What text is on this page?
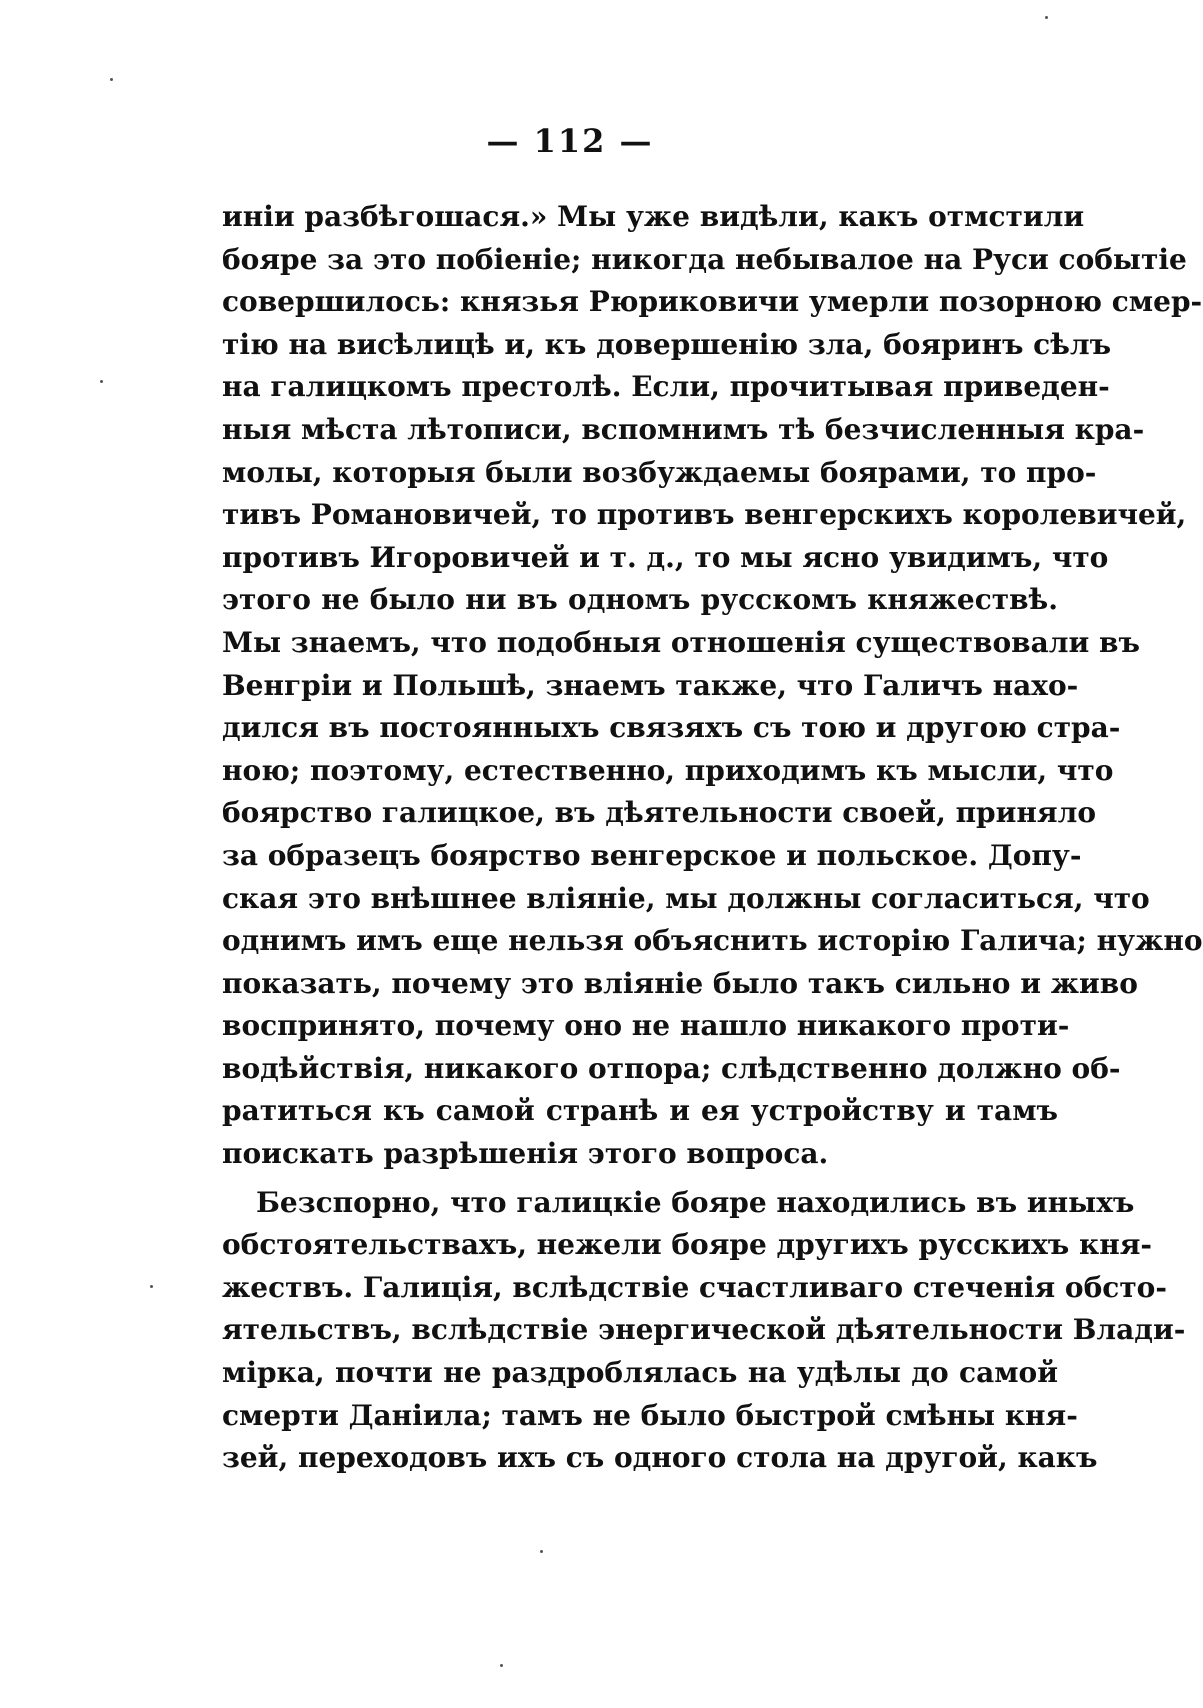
— 112 —
иніи разбѣгошася.» Мы уже видѣли, какъ отмстили
бояре за это побіеніе; никогда небывалое на Руси событіе
совершилось: князья Рюриковичи умерли позорною смер-
тію на висѣлицѣ и, къ довершенію зла, бояринъ сѣлъ
на галицкомъ престолѣ. Если, прочитывая приведен-
ныя мѣста лѣтописи, вспомнимъ тѣ безчисленныя кра-
молы, которыя были возбуждаемы боярами, то про-
тивъ Романовичей, то противъ венгерскихъ королевичей,
противъ Игоровичей и т. д., то мы ясно увидимъ, что
этого не было ни въ одномъ русскомъ княжествѣ.
Мы знаемъ, что подобныя отношенія существовали въ
Венгріи и Польшѣ, знаемъ также, что Галичъ нахо-
дился въ постоянныхъ связяхъ съ тою и другою стра-
ною; поэтому, естественно, приходимъ къ мысли, что
боярство галицкое, въ дѣятельности своей, приняло
за образецъ боярство венгерское и польское. Допу-
ская это внѣшнее вліяніе, мы должны согласиться, что
однимъ имъ еще нельзя объяснить исторію Галича; нужно
показать, почему это вліяніе было такъ сильно и живо
воспринято, почему оно не нашло никакого проти-
водѣйствія, никакого отпора; слѣдственно должно об-
ратиться къ самой странѣ и ея устройству и тамъ
поискать разрѣшенія этого вопроса.
Безспорно, что галицкіе бояре находились въ иныхъ
обстоятельствахъ, нежели бояре другихъ русскихъ кня-
жествъ. Галиція, вслѣдствіе счастливаго стеченія обсто-
ятельствъ, вслѣдствіе энергической дѣятельности Влади-
мірка, почти не раздроблялась на удѣлы до самой
смерти Даніила; тамъ не было быстрой смѣны кня-
зей, переходовъ ихъ съ одного стола на другой, какъ
